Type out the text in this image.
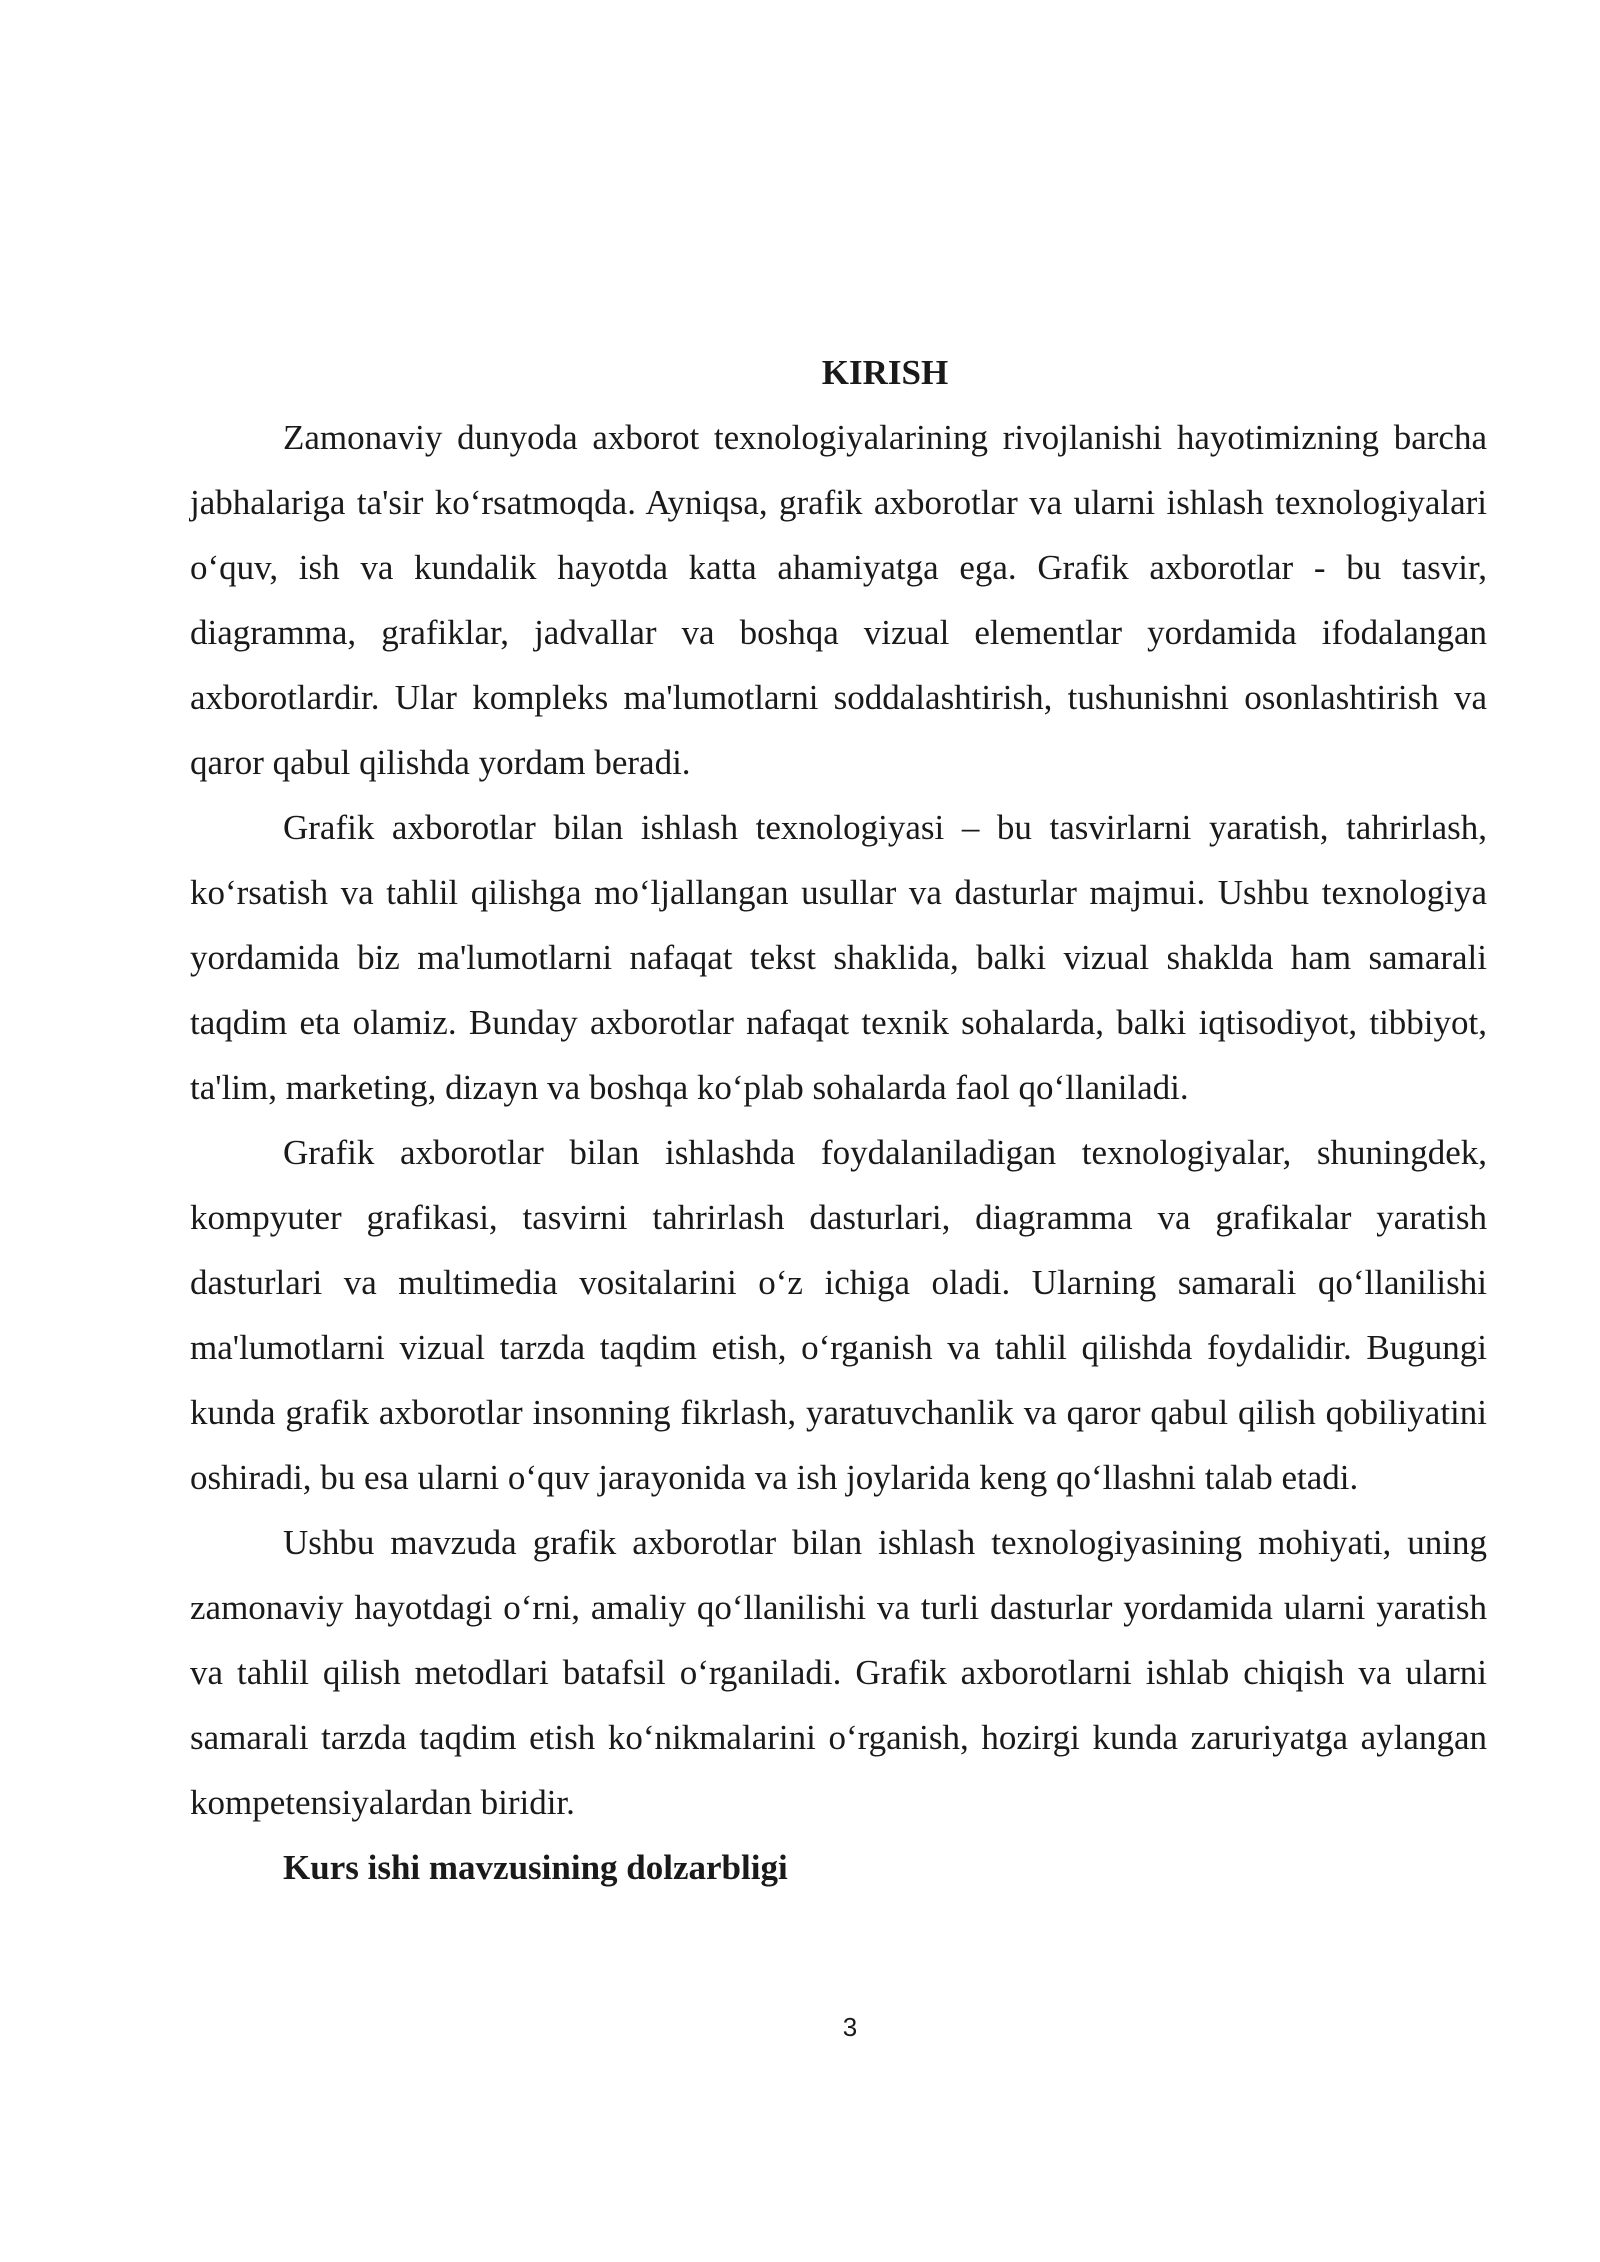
KIRISH

Zamonaviy dunyoda axborot texnologiyalarining rivojlanishi hayotimizning barcha jabhalariga ta'sir ko‘rsatmoqda. Ayniqsa, grafik axborotlar va ularni ishlash texnologiyalari o‘quv, ish va kundalik hayotda katta ahamiyatga ega. Grafik axborotlar - bu tasvir, diagramma, grafiklar, jadvallar va boshqa vizual elementlar yordamida ifodalangan axborotlardir. Ular kompleks ma'lumotlarni soddalashtirish, tushunishni osonlashtirish va qaror qabul qilishda yordam beradi.

Grafik axborotlar bilan ishlash texnologiyasi – bu tasvirlarni yaratish, tahrirlash, ko‘rsatish va tahlil qilishga mo‘ljallangan usullar va dasturlar majmui. Ushbu texnologiya yordamida biz ma'lumotlarni nafaqat tekst shaklida, balki vizual shakldа ham samarali taqdim eta olamiz. Bunday axborotlar nafaqat texnik sohalarda, balki iqtisodiyot, tibbiyot, ta'lim, marketing, dizayn va boshqa ko‘plab sohalarda faol qo‘llaniladi.

Grafik axborotlar bilan ishlashda foydalaniladigan texnologiyalar, shuningdek, kompyuter grafikasi, tasvirni tahrirlash dasturlari, diagramma va grafikalar yaratish dasturlari va multimedia vositalarini o‘z ichiga oladi. Ularning samarali qo‘llanilishi ma'lumotlarni vizual tarzda taqdim etish, o‘rganish va tahlil qilishda foydalidir. Bugungi kunda grafik axborotlar insonning fikrlash, yaratuvchanlik va qaror qabul qilish qobiliyatini oshiradi, bu esa ularni o‘quv jarayonida va ish joylarida keng qo‘llashni talab etadi.

Ushbu mavzuda grafik axborotlar bilan ishlash texnologiyasining mohiyati, uning zamonaviy hayotdagi o‘rni, amaliy qo‘llanilishi va turli dasturlar yordamida ularni yaratish va tahlil qilish metodlari batafsil o‘rganiladi. Grafik axborotlarni ishlab chiqish va ularni samarali tarzda taqdim etish ko‘nikmalarini o‘rganish, hozirgi kunda zaruriyatga aylangan kompetensiyalardan biridir.

Kurs ishi mavzusining dolzarbligi

3
